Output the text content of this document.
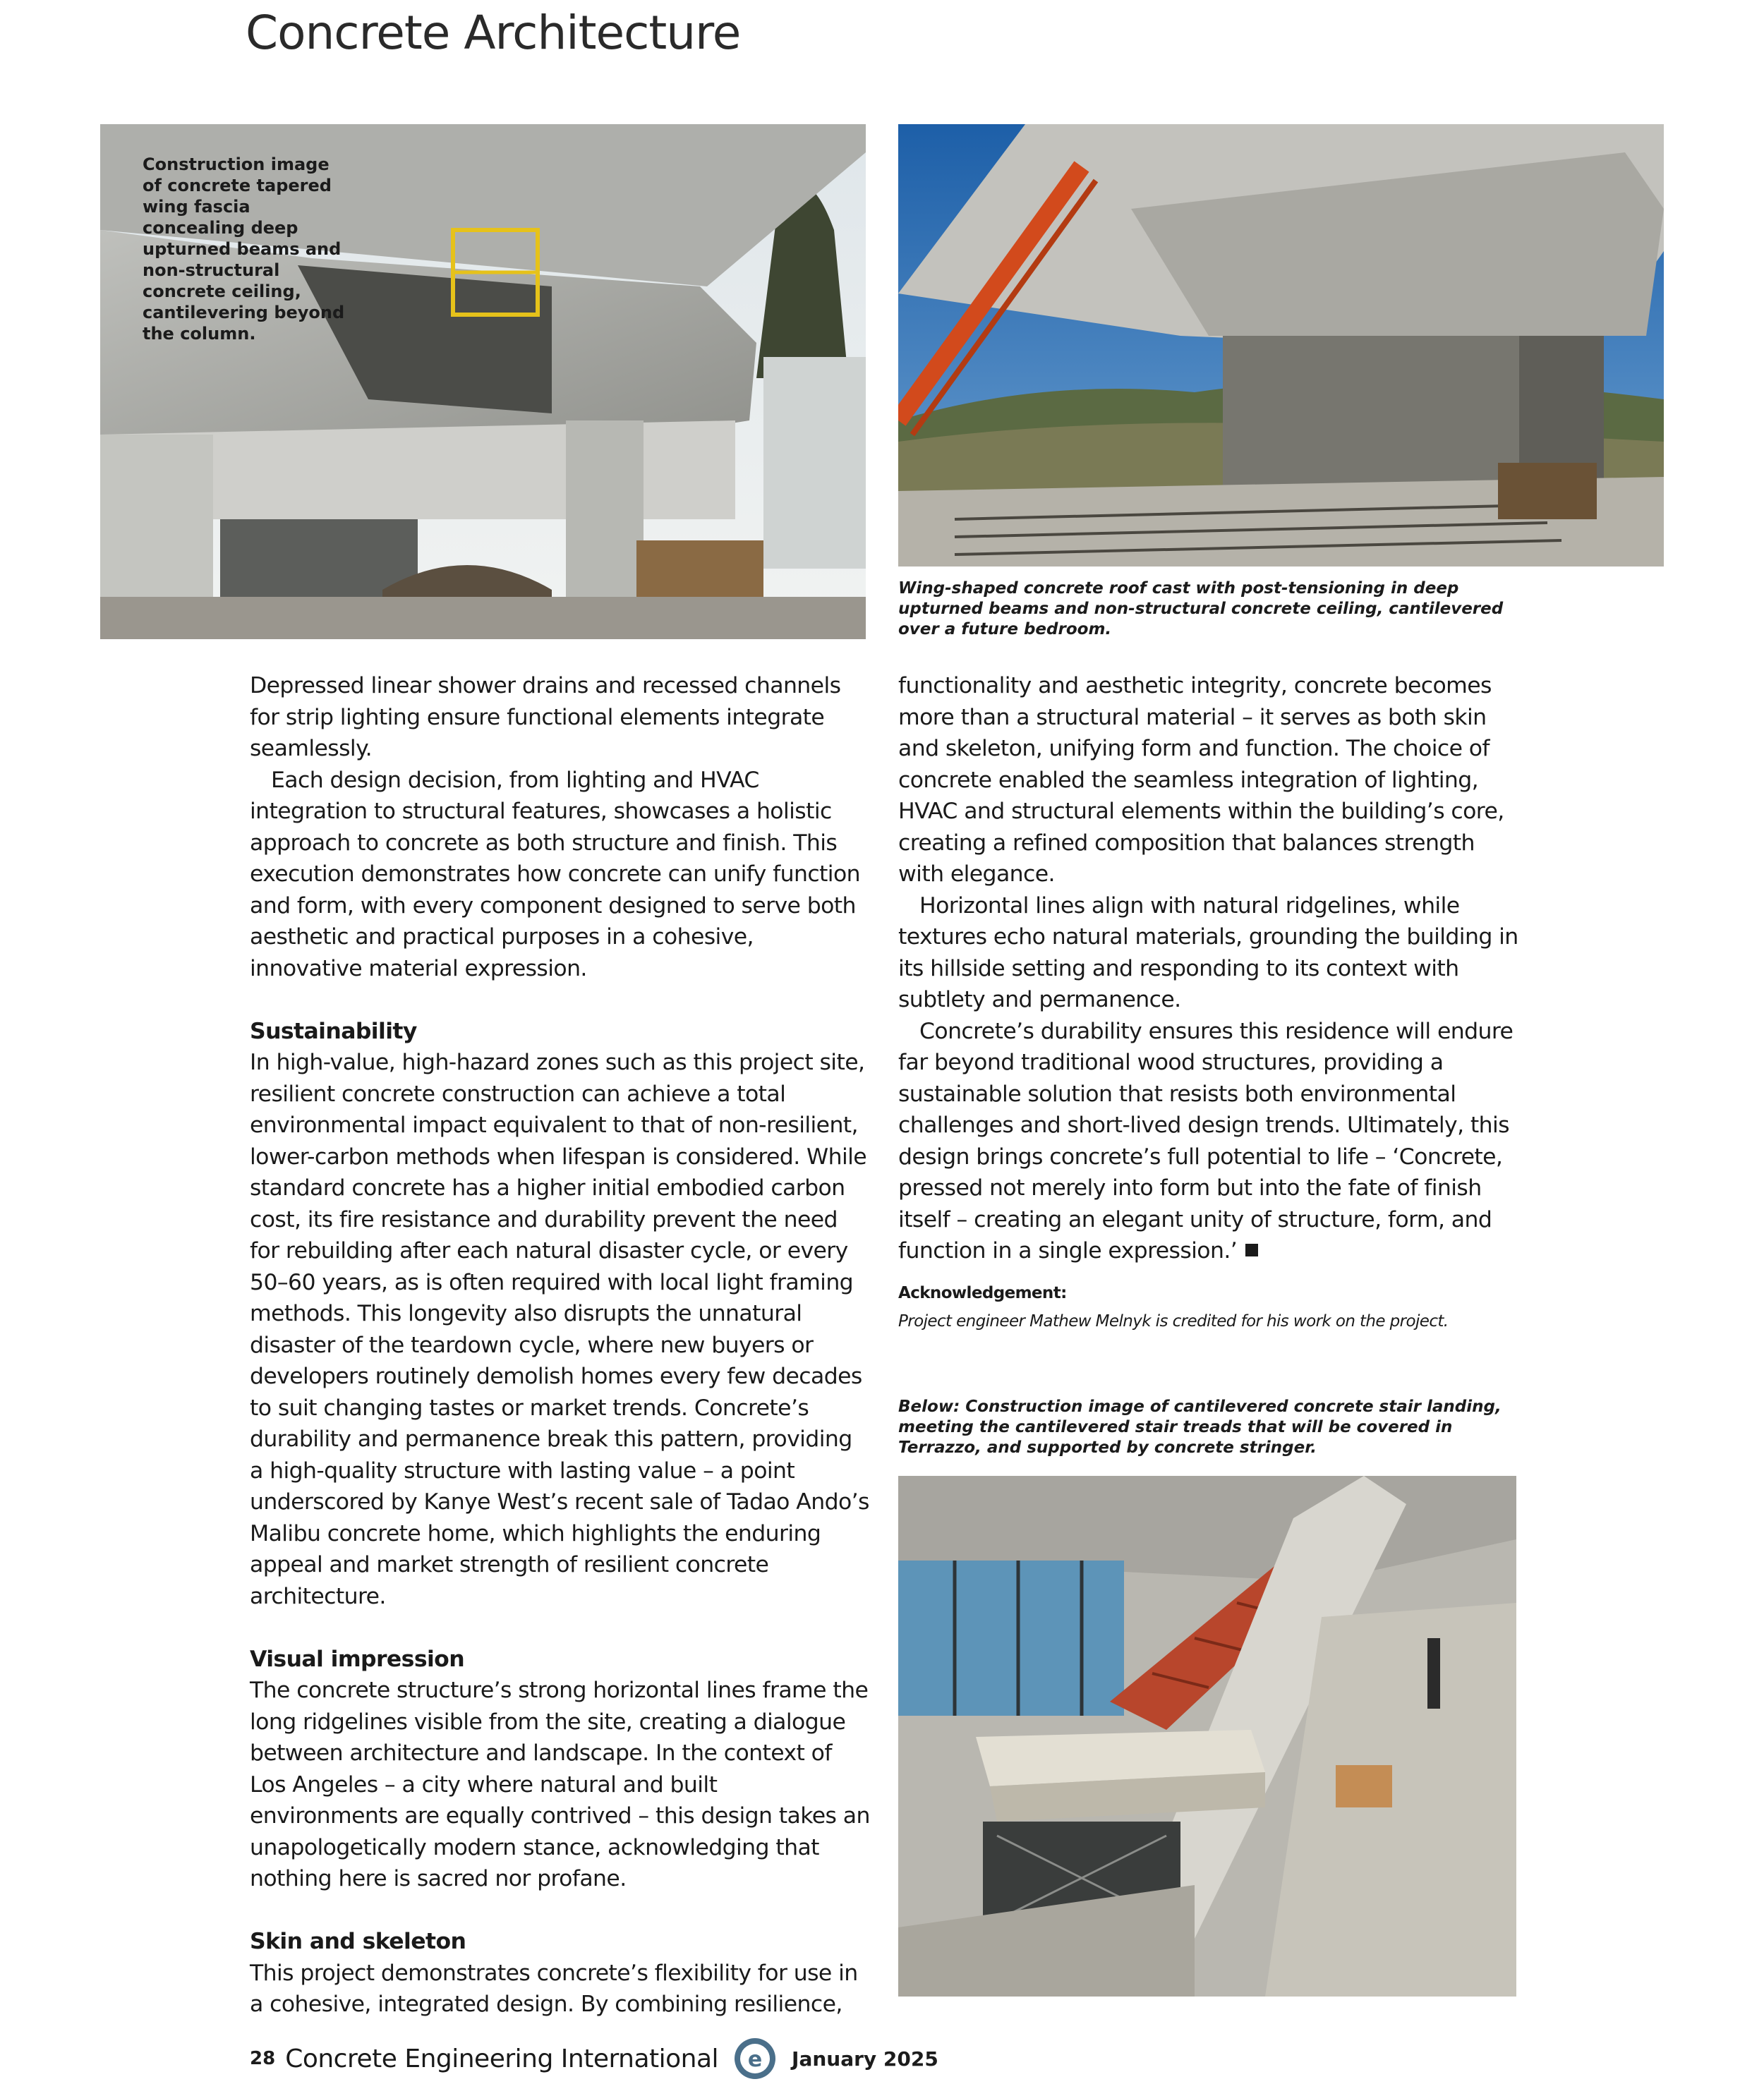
Concrete Architecture
Construction image of concrete tapered wing fascia concealing deep upturned beams and non-structural concrete ceiling, cantilevering beyond the column.
Wing-shaped concrete roof cast with post-tensioning in deep upturned beams and non-structural concrete ceiling, cantilevered over a future bedroom.

Depressed linear shower drains and recessed channels for strip lighting ensure functional elements integrate seamlessly.

Each design decision, from lighting and HVAC integration to structural features, showcases a holistic approach to concrete as both structure and finish. This execution demonstrates how concrete can unify function and form, with every component designed to serve both aesthetic and practical purposes in a cohesive, innovative material expression.

Sustainability

In high-value, high-hazard zones such as this project site, resilient concrete construction can achieve a total environmental impact equivalent to that of non-resilient, lower-carbon methods when lifespan is considered. While standard concrete has a higher initial embodied carbon cost, its fire resistance and durability prevent the need for rebuilding after each natural disaster cycle, or every 50–60 years, as is often required with local light framing methods. This longevity also disrupts the unnatural disaster of the teardown cycle, where new buyers or developers routinely demolish homes every few decades to suit changing tastes or market trends. Concrete’s durability and permanence break this pattern, providing a high-quality structure with lasting value – a point underscored by Kanye West’s recent sale of Tadao Ando’s Malibu concrete home, which highlights the enduring appeal and market strength of resilient concrete architecture.

Visual impression

The concrete structure’s strong horizontal lines frame the long ridgelines visible from the site, creating a dialogue between architecture and landscape. In the context of Los Angeles – a city where natural and built environments are equally contrived – this design takes an unapologetically modern stance, acknowledging that nothing here is sacred nor profane.

Skin and skeleton

This project demonstrates concrete’s flexibility for use in a cohesive, integrated design. By combining resilience,

functionality and aesthetic integrity, concrete becomes more than a structural material – it serves as both skin and skeleton, unifying form and function. The choice of concrete enabled the seamless integration of lighting, HVAC and structural elements within the building’s core, creating a refined composition that balances strength with elegance.

Horizontal lines align with natural ridgelines, while textures echo natural materials, grounding the building in its hillside setting and responding to its context with subtlety and permanence.

Concrete’s durability ensures this residence will endure far beyond traditional wood structures, providing a sustainable solution that resists both environmental challenges and short-lived design trends. Ultimately, this design brings concrete’s full potential to life – ‘Concrete, pressed not merely into form but into the fate of finish itself – creating an elegant unity of structure, form, and function in a single expression.’

Acknowledgement:
Project engineer Mathew Melnyk is credited for his work on the project.
Below: Construction image of cantilevered concrete stair landing, meeting the cantilevered stair treads that will be covered in Terrazzo, and supported by concrete stringer.
28 Concrete Engineering International e January 2025
